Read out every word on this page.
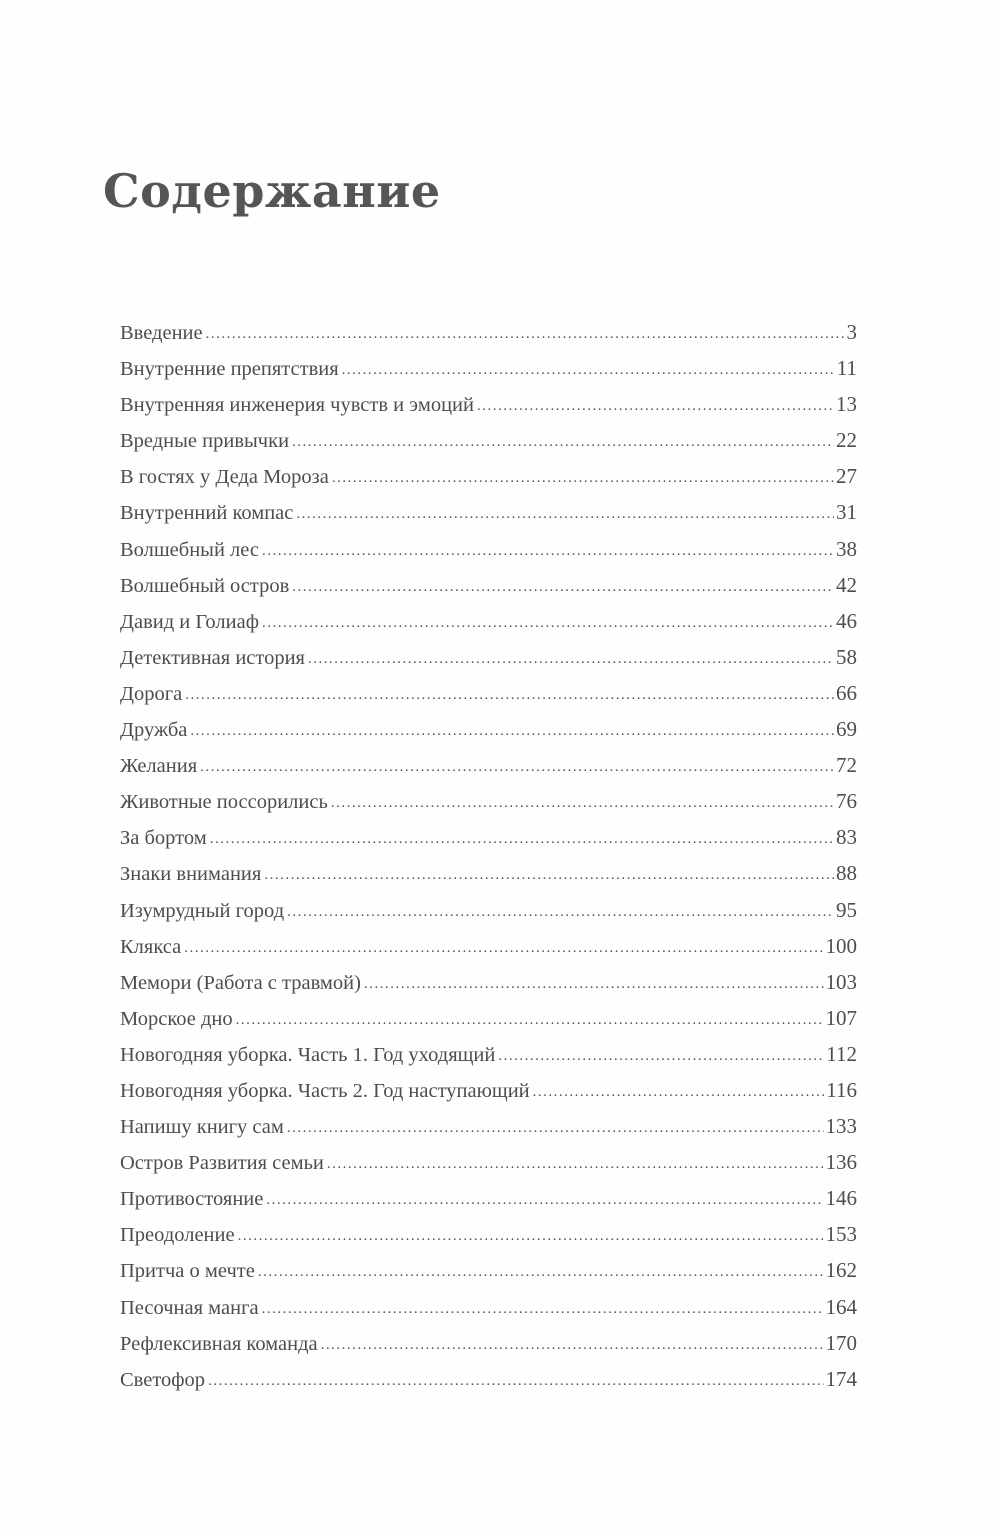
Содержание
Введение .....	3
Внутренние препятствия .....	11
Внутренняя инженерия чувств и эмоций .....	13
Вредные привычки .....	22
В гостях у Деда Мороза .....	27
Внутренний компас .....	31
Волшебный лес .....	38
Волшебный остров .....	42
Давид и Голиаф .....	46
Детективная история .....	58
Дорога .....	66
Дружба .....	69
Желания .....	72
Животные поссорились .....	76
За бортом .....	83
Знаки внимания .....	88
Изумрудный город .....	95
Клякса .....	100
Мемори (Работа с травмой) .....	103
Морское дно .....	107
Новогодняя уборка. Часть 1. Год уходящий .....	112
Новогодняя уборка. Часть 2. Год наступающий .....	116
Напишу книгу сам .....	133
Остров Развития семьи .....	136
Противостояние .....	146
Преодоление .....	153
Притча о мечте .....	162
Песочная манга .....	164
Рефлексивная команда .....	170
Светофор .....	174
